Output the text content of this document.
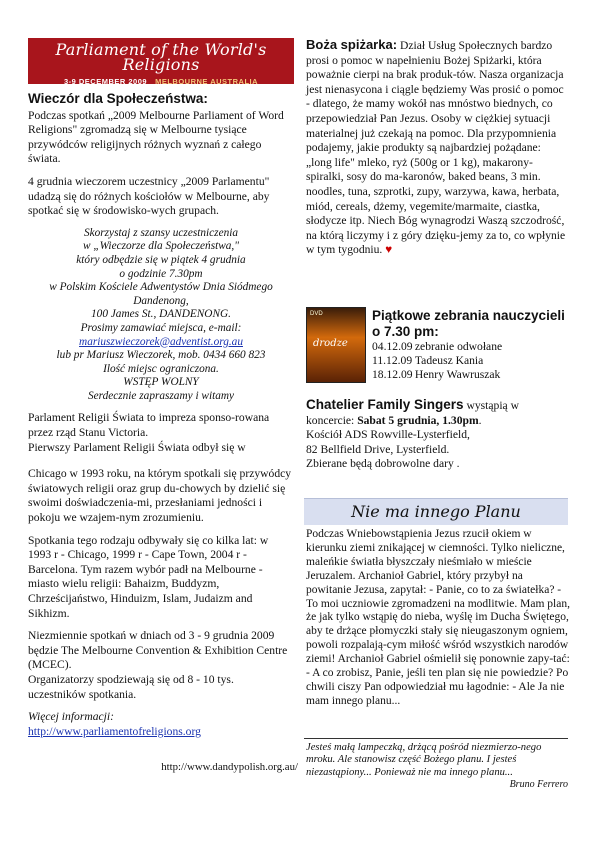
Parliament of the World's Religions
3-9 DECEMBER 2009 MELBOURNE AUSTRALIA
Wieczór dla Społeczeństwa:

Podczas spotkań „2009 Melbourne Parliament of Word Religions" zgromadzą się w Melbourne tysiące przywódców religijnych różnych wyznań z całego świata.

4 grudnia wieczorem uczestnicy „2009 Parlamentu" udadzą się do różnych kościołów w Melbourne, aby spotkać się w środowisko-wych grupach.

Skorzystaj z szansy uczestniczenia
w „Wieczorze dla Społeczeństwa,"
który odbędzie się w piątek 4 grudnia
o godzinie 7.30pm
w Polskim Kościele Adwentystów Dnia Siódmego
Dandenong,
100 James St., DANDENONG.
Prosimy zamawiać miejsca, e-mail:
mariuszwieczorek@adventist.org.au
lub pr Mariusz Wieczorek, mob. 0434 660 823
Ilość miejsc ograniczona.
WSTĘP WOLNY
Serdecznie zapraszamy i witamy

Parlament Religii Świata to impreza sponso-rowana przez rząd Stanu Victoria.

Pierwszy Parlament Religii Świata odbył się w

Chicago w 1993 roku, na którym spotkali się przywódcy światowych religii oraz grup du-chowych by dzielić się swoimi doświadczenia-mi, przesłaniami jedności i pokoju we wzajem-nym zrozumieniu.

Spotkania tego rodzaju odbywały się co kilka lat: w 1993 r - Chicago, 1999 r - Cape Town, 2004 r - Barcelona. Tym razem wybór padł na Melbourne - miasto wielu religii: Bahaizm, Buddyzm, Chrześcijaństwo, Hinduizm, Islam, Judaizm and Sikhizm.

Niezmiennie spotkań w dniach od 3 - 9 grudnia 2009 będzie The Melbourne Convention & Exhibition Centre (MCEC).

Organizatorzy spodziewają się od 8 - 10 tys. uczestników spotkania.

Więcej informacji:

http://www.parliamentofreligions.org

http://www.dandypolish.org.au/

Boża spiżarka: Dział Usług Społecznych bardzo prosi o pomoc w napełnieniu Bożej Spiżarki, która poważnie cierpi na brak produk-tów. Nasza organizacja jest nienasycona i ciągle będziemy Was prosić o pomoc - dlatego, że mamy wokół nas mnóstwo biednych, co przepowiedział Pan Jezus. Osoby w ciężkiej sytuacji materialnej już czekają na pomoc. Dla przypomnienia podajemy, jakie produkty są najbardziej pożądane: „long life" mleko, ryż (500g or 1 kg), makarony-spiralki, sosy do ma-karonów, baked beans, 3 min. noodles, tuna, szprotki, zupy, warzywa, kawa, herbata, miód, cereals, dżemy, vegemite/marmaite, ciastka, słodycze itp. Niech Bóg wynagrodzi Waszą szczodrość, na którą liczymy i z góry dzięku-jemy za to, co wpłynie w tym tygodniu. ♥

DVD
drodze
Piątkowe zebrania nauczycieli o 7.30 pm:
04.12.09 zebranie odwołane
11.12.09 Tadeusz Kania
18.12.09 Henry Wawruszak

Chatelier Family Singers wystąpią w koncercie: Sabat 5 grudnia, 1.30pm.

Kościół ADS Rowville-Lysterfield,

82 Bellfield Drive, Lysterfield.

Zbierane będą dobrowolne dary .

Nie ma innego Planu
Podczas Wniebowstąpienia Jezus rzucił okiem w kierunku ziemi znikającej w ciemności. Tylko nieliczne, maleńkie światła błyszczały nieśmiało w mieście Jeruzalem. Archanioł Gabriel, który przybył na powitanie Jezusa, zapytał: - Panie, co to za światełka? - To moi uczniowie zgromadzeni na modlitwie. Mam plan, że jak tylko wstąpię do nieba, wyślę im Ducha Świętego, aby te drżące płomyczki stały się nieugaszonym ogniem, powoli rozpalają-cym miłość wśród wszystkich narodów ziemi! Archanioł Gabriel ośmielił się ponownie zapy-tać: - A co zrobisz, Panie, jeśli ten plan się nie powiedzie? Po chwili ciszy Pan odpowiedział mu łagodnie: - Ale Ja nie mam innego planu...
Jesteś małą lampeczką, drżącą pośród niezmierzo-nego mroku. Ale stanowisz część Bożego planu. I jesteś niezastąpiony... Ponieważ nie ma innego planu...
Bruno Ferrero
